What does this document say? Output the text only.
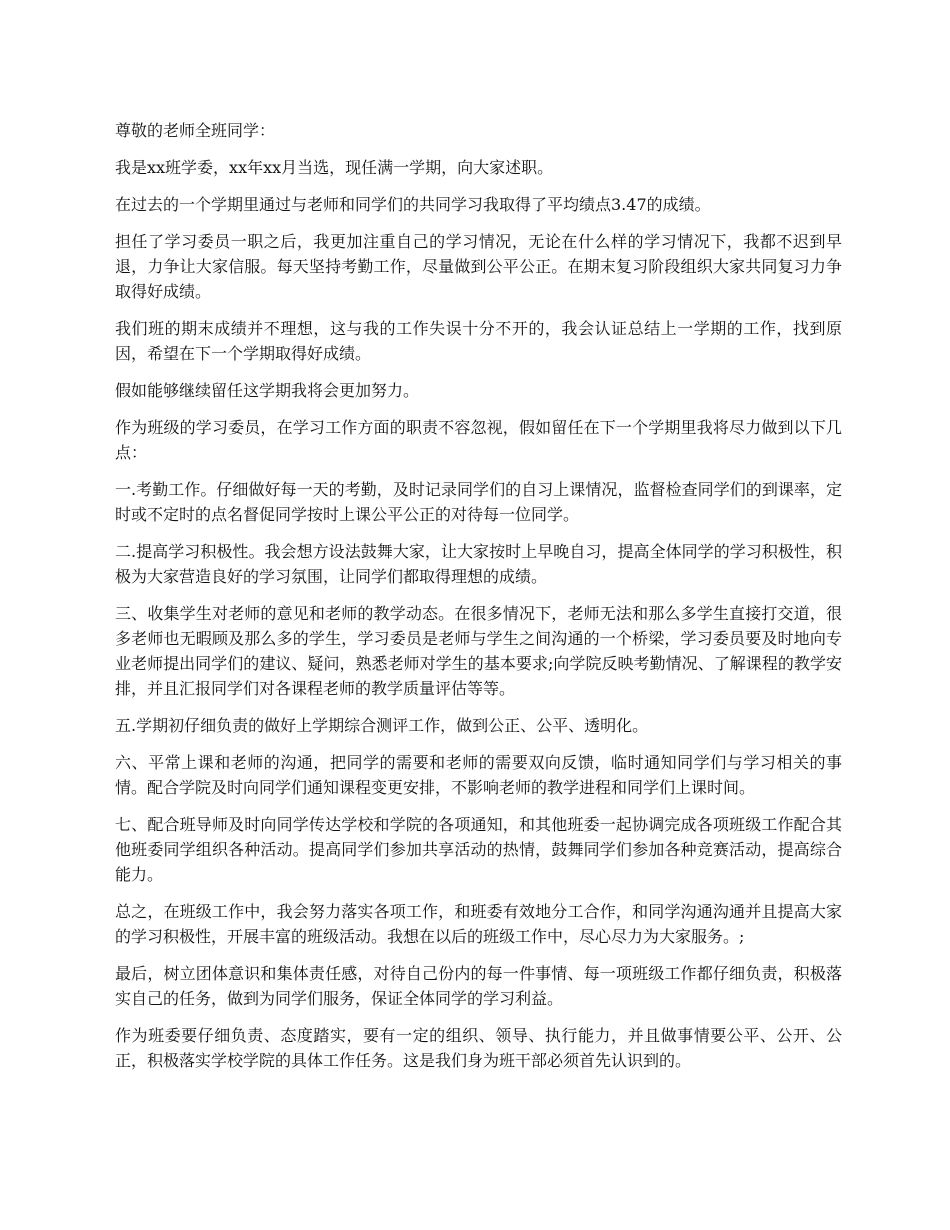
尊敬的老师全班同学：

我是xx班学委，xx年xx月当选，现任满一学期，向大家述职。

在过去的一个学期里通过与老师和同学们的共同学习我取得了平均绩点3.47的成绩。

担任了学习委员一职之后，我更加注重自己的学习情况，无论在什么样的学习情况下，我都不迟到早退，力争让大家信服。每天坚持考勤工作，尽量做到公平公正。在期末复习阶段组织大家共同复习力争取得好成绩。

我们班的期末成绩并不理想，这与我的工作失误十分不开的，我会认证总结上一学期的工作，找到原因，希望在下一个学期取得好成绩。

假如能够继续留任这学期我将会更加努力。

作为班级的学习委员，在学习工作方面的职责不容忽视，假如留任在下一个学期里我将尽力做到以下几点：

一.考勤工作。仔细做好每一天的考勤，及时记录同学们的自习上课情况，监督检查同学们的到课率，定时或不定时的点名督促同学按时上课公平公正的对待每一位同学。

二.提高学习积极性。我会想方设法鼓舞大家，让大家按时上早晚自习，提高全体同学的学习积极性，积极为大家营造良好的学习氛围，让同学们都取得理想的成绩。

三、收集学生对老师的意见和老师的教学动态。在很多情况下，老师无法和那么多学生直接打交道，很多老师也无暇顾及那么多的学生，学习委员是老师与学生之间沟通的一个桥梁，学习委员要及时地向专业老师提出同学们的建议、疑问，熟悉老师对学生的基本要求;向学院反映考勤情况、了解课程的教学安排，并且汇报同学们对各课程老师的教学质量评估等等。

五.学期初仔细负责的做好上学期综合测评工作，做到公正、公平、透明化。

六、平常上课和老师的沟通，把同学的需要和老师的需要双向反馈，临时通知同学们与学习相关的事情。配合学院及时向同学们通知课程变更安排，不影响老师的教学进程和同学们上课时间。

七、配合班导师及时向同学传达学校和学院的各项通知，和其他班委一起协调完成各项班级工作配合其他班委同学组织各种活动。提高同学们参加共享活动的热情，鼓舞同学们参加各种竞赛活动，提高综合能力。

总之，在班级工作中，我会努力落实各项工作，和班委有效地分工合作，和同学沟通沟通并且提高大家的学习积极性，开展丰富的班级活动。我想在以后的班级工作中，尽心尽力为大家服务。;

最后，树立团体意识和集体责任感，对待自己份内的每一件事情、每一项班级工作都仔细负责，积极落实自己的任务，做到为同学们服务，保证全体同学的学习利益。

作为班委要仔细负责、态度踏实，要有一定的组织、领导、执行能力，并且做事情要公平、公开、公正，积极落实学校学院的具体工作任务。这是我们身为班干部必须首先认识到的。
